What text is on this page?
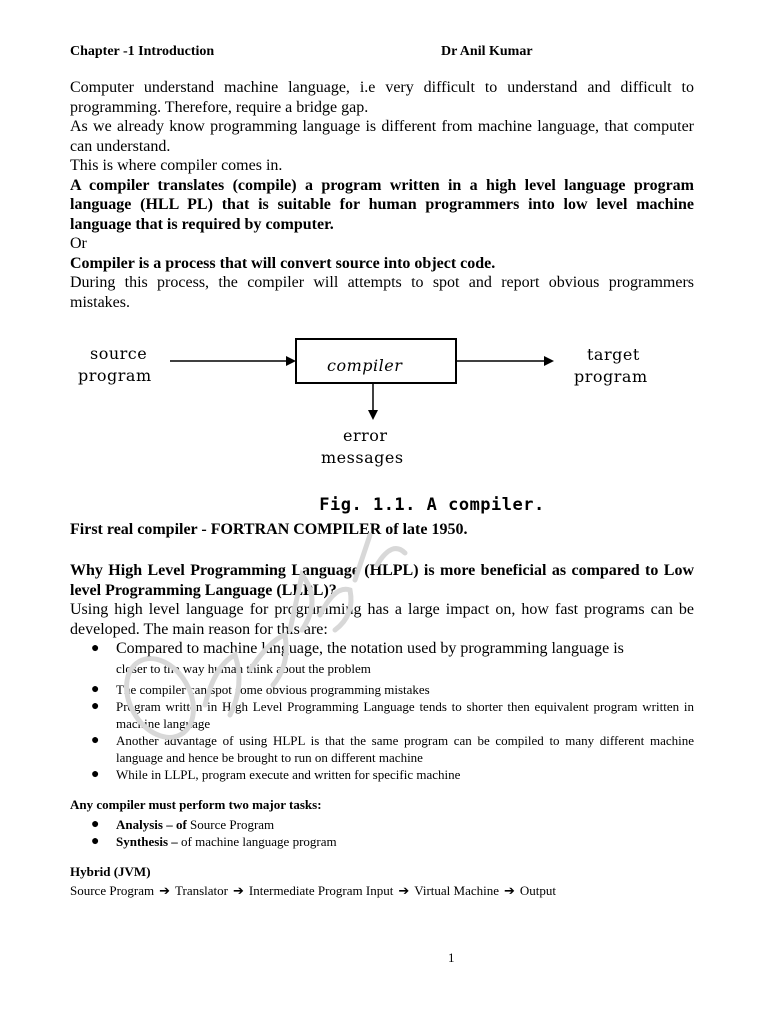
Chapter -1 Introduction	Dr Anil Kumar

Computer understand machine language, i.e very difficult to understand and difficult to programming. Therefore, require a bridge gap.

As we already know programming language is different from machine language, that computer can understand.

This is where compiler comes in.

A compiler translates (compile) a program written in a high level language program language (HLL PL) that is suitable for human programmers into low level machine language that is required by computer.

Or

Compiler is a process that will convert source into object code.

During this process, the compiler will attempts to spot and report obvious programmers mistakes.

source
program
compiler
target
program
error
messages
Fig. 1.1. A compiler.
First real compiler - FORTRAN COMPILER of late 1950.

Why High Level Programming Language (HLPL) is more beneficial as compared to Low level Programming Language (LLPL)?

Using high level language for programming has a large impact on, how fast programs can be developed. The main reason for this are:

● Compared to machine language, the notation used by programming language is
closer to the way human think about the problem
● The compiler can spot some obvious programming mistakes
● Program written in High Level Programming Language tends to shorter then equivalent program written in machine language
● Another advantage of using HLPL is that the same program can be compiled to many different machine language and hence be brought to run on different machine
● While in LLPL, program execute and written for specific machine
Any compiler must perform two major tasks:
● Analysis – of Source Program
● Synthesis – of machine language program
Hybrid (JVM)
Source Program ➔ Translator ➔ Intermediate Program Input ➔ Virtual Machine ➔ Output
1
